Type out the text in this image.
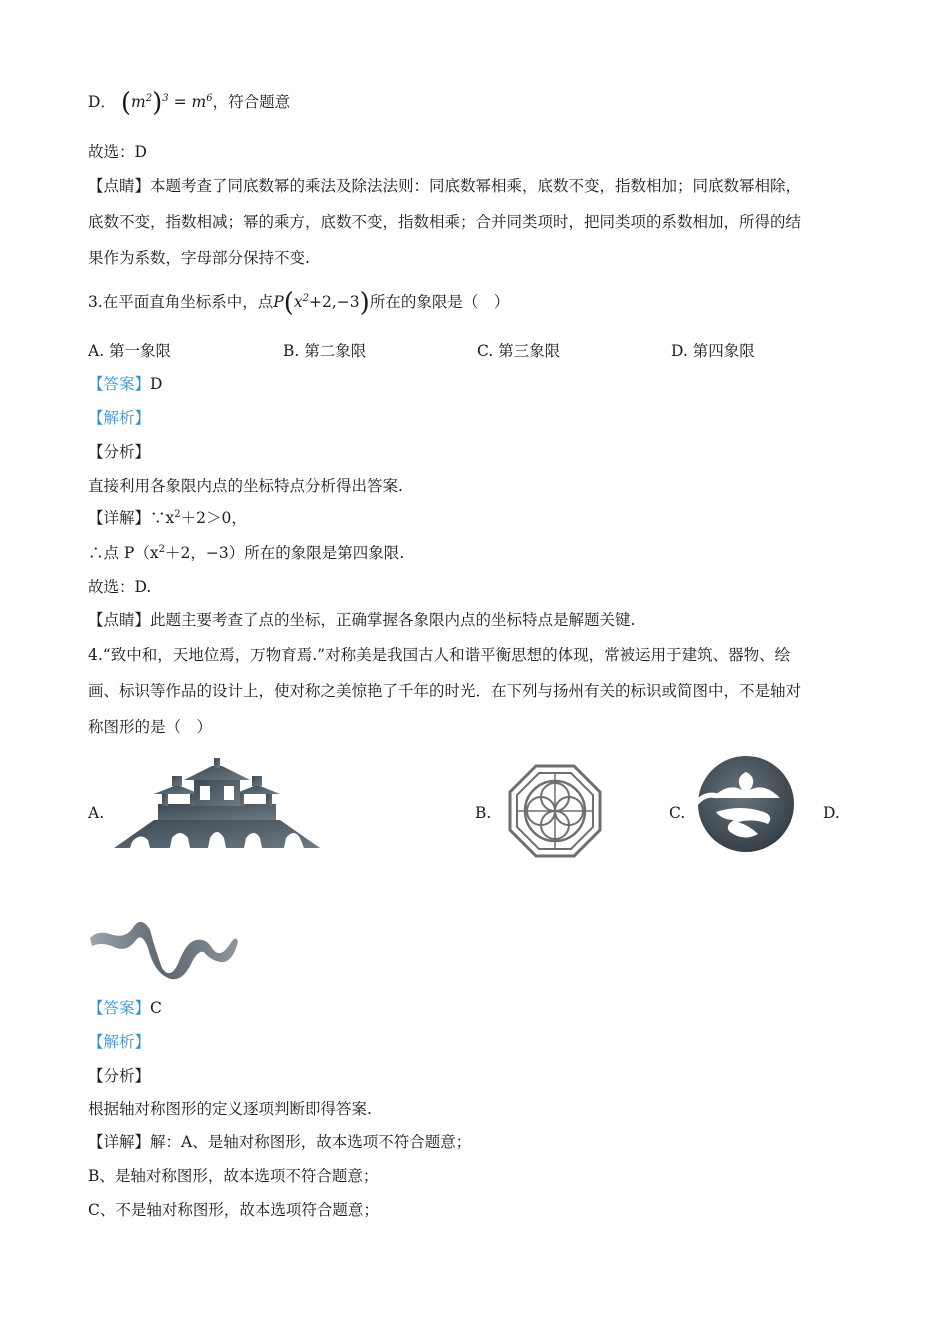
D． $(m^2)^3 = m^6$，符合题意
故选：D
【点睛】本题考查了同底数幂的乘法及除法法则：同底数幂相乘，底数不变，指数相加；同底数幂相除，
底数不变，指数相减；幂的乘方，底数不变，指数相乘；合并同类项时，把同类项的系数相加，所得的结
果作为系数，字母部分保持不变.
3.在平面直角坐标系中，点$P(x^2+2,-3)$所在的象限是（　）
A. 第一象限	B. 第二象限	C. 第三象限	D. 第四象限
【答案】D
【解析】
【分析】
直接利用各象限内点的坐标特点分析得出答案.
【详解】$\because x^2+2>0$，
∴点 $P(x^2+2$，−3）所在的象限是第四象限.
故选：D.
【点睛】此题主要考查了点的坐标，正确掌握各象限内点的坐标特点是解题关键.
4.“致中和，天地位焉，万物育焉.”对称美是我国古人和谐平衡思想的体现，常被运用于建筑、器物、绘
画、标识等作品的设计上，使对称之美惊艳了千年的时光．在下列与扬州有关的标识或简图中，不是轴对
称图形的是（　）
A.	B.	C.	D.
【答案】C
【解析】
【分析】
根据轴对称图形的定义逐项判断即得答案.
【详解】解：A、是轴对称图形，故本选项不符合题意；
B、是轴对称图形，故本选项不符合题意；
C、不是轴对称图形，故本选项符合题意；
